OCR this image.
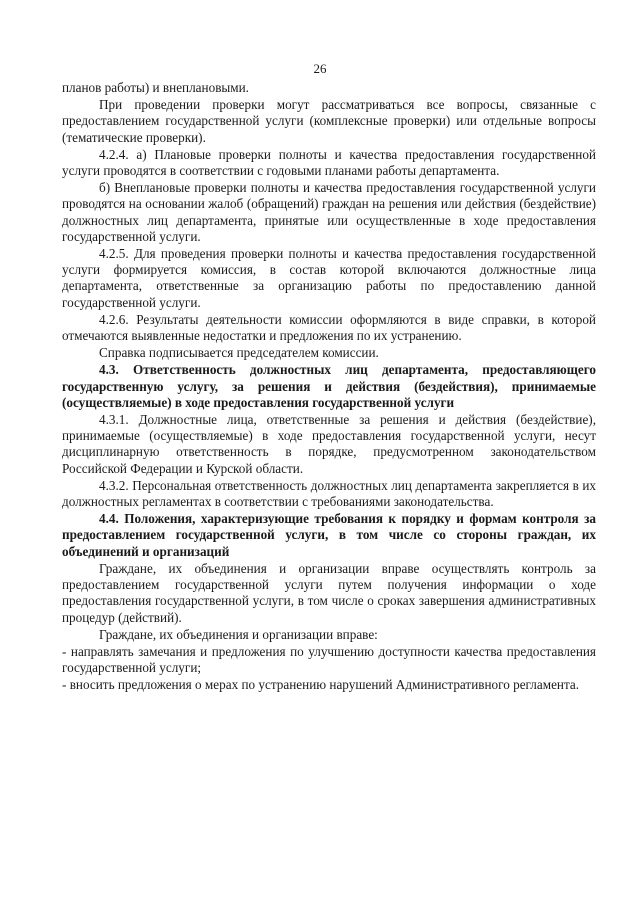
26

планов работы) и внеплановыми.

При проведении проверки могут рассматриваться все вопросы, связанные с предоставлением государственной услуги (комплексные проверки) или отдельные вопросы (тематические проверки).

4.2.4. а) Плановые проверки полноты и качества предоставления государственной услуги проводятся в соответствии с годовыми планами работы департамента.

б) Внеплановые проверки полноты и качества предоставления государственной услуги проводятся на основании жалоб (обращений) граждан на решения или действия (бездействие) должностных лиц департамента, принятые или осуществленные в ходе предоставления государственной услуги.

4.2.5. Для проведения проверки полноты и качества предоставления государственной услуги формируется комиссия, в состав которой включаются должностные лица департамента, ответственные за организацию работы по предоставлению данной государственной услуги.

4.2.6. Результаты деятельности комиссии оформляются в виде справки, в которой отмечаются выявленные недостатки и предложения по их устранению.

Справка подписывается председателем комиссии.

4.3. Ответственность должностных лиц департамента, предоставляющего государственную услугу, за решения и действия (бездействия), принимаемые (осуществляемые) в ходе предоставления государственной услуги

4.3.1. Должностные лица, ответственные за решения и действия (бездействие), принимаемые (осуществляемые) в ходе предоставления государственной услуги, несут дисциплинарную ответственность в порядке, предусмотренном законодательством Российской Федерации и Курской области.

4.3.2. Персональная ответственность должностных лиц департамента закрепляется в их должностных регламентах в соответствии с требованиями законодательства.

4.4. Положения, характеризующие требования к порядку и формам контроля за предоставлением государственной услуги, в том числе со стороны граждан, их объединений и организаций

Граждане, их объединения и организации вправе осуществлять контроль за предоставлением государственной услуги путем получения информации о ходе предоставления государственной услуги, в том числе о сроках завершения административных процедур (действий).

Граждане, их объединения и организации вправе:

- направлять замечания и предложения по улучшению доступности качества предоставления государственной услуги;

- вносить предложения о мерах по устранению нарушений Административного регламента.
